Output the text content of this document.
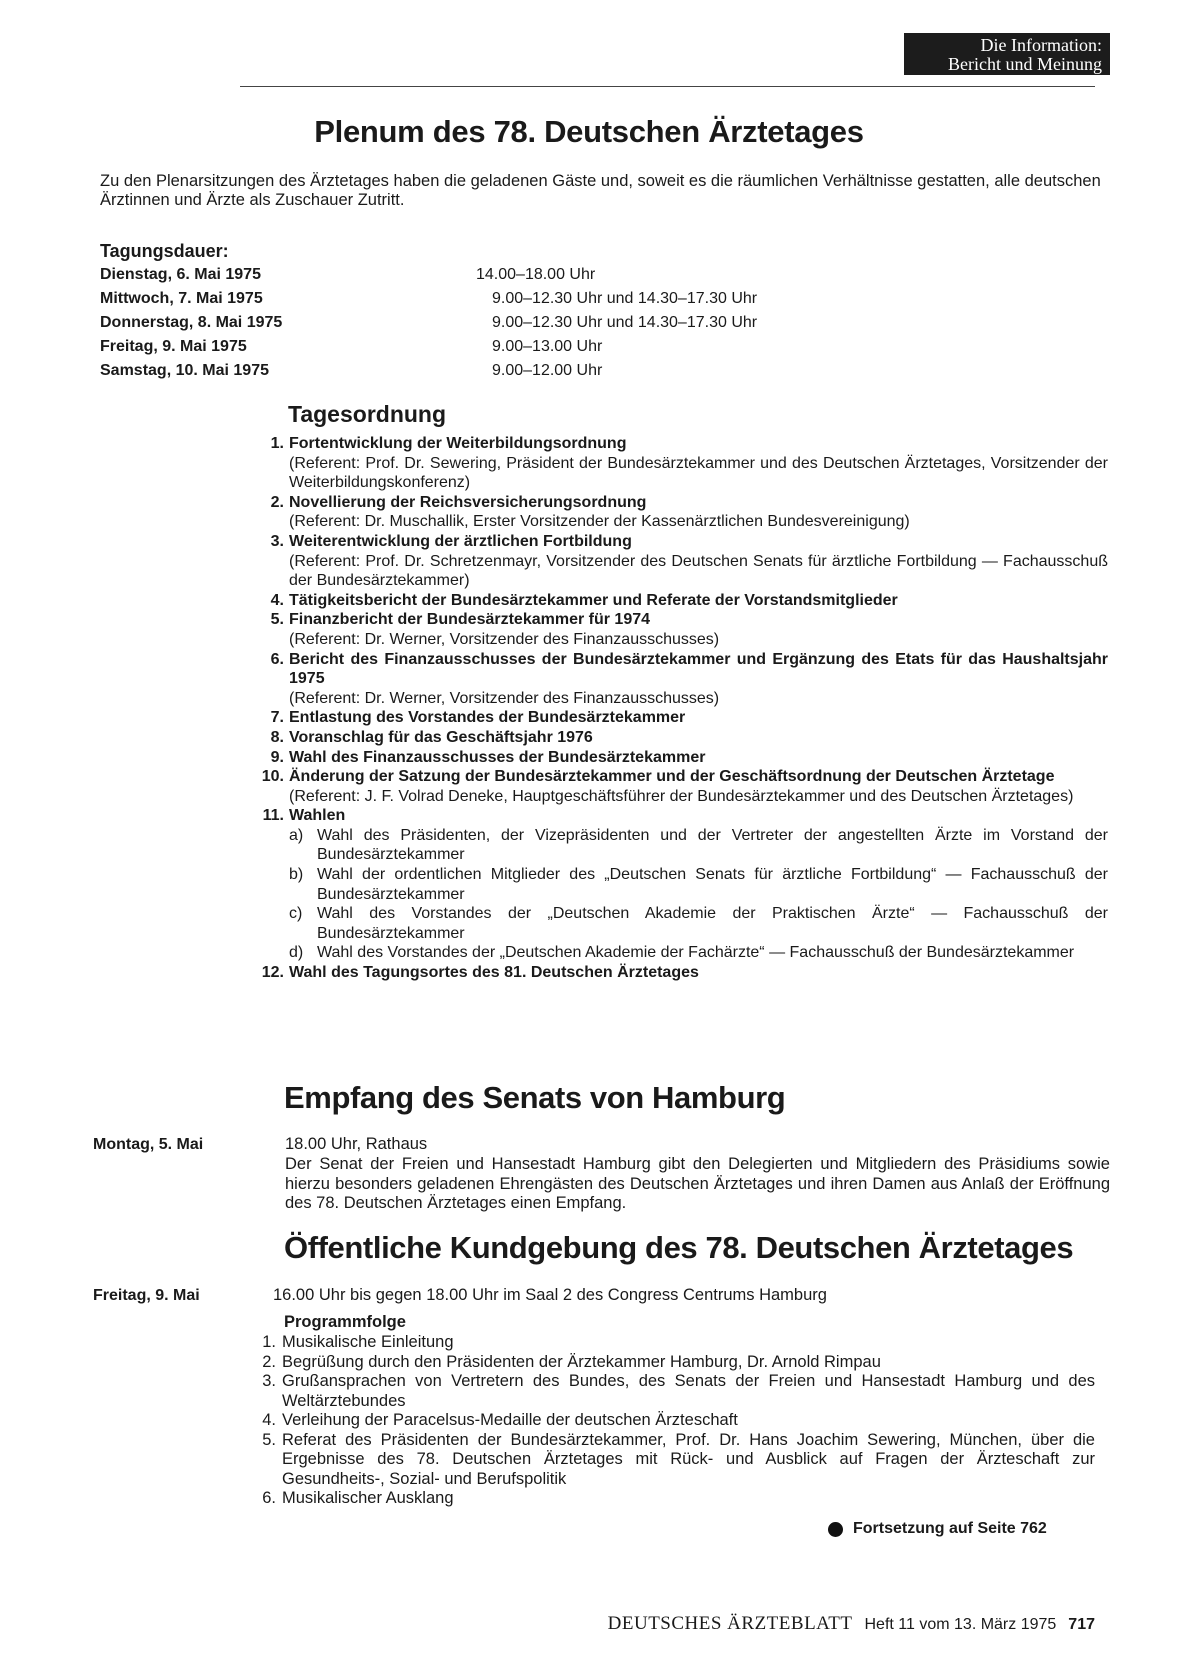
Die Information:
Bericht und Meinung
Plenum des 78. Deutschen Ärztetages

Zu den Plenarsitzungen des Ärztetages haben die geladenen Gäste und, soweit es die räumlichen Verhältnisse gestatten, alle deutschen Ärztinnen und Ärzte als Zuschauer Zutritt.

Tagungsdauer:
Dienstag, 6. Mai 1975	14.00–18.00 Uhr
Mittwoch, 7. Mai 1975	9.00–12.30 Uhr und 14.30–17.30 Uhr
Donnerstag, 8. Mai 1975	9.00–12.30 Uhr und 14.30–17.30 Uhr
Freitag, 9. Mai 1975	9.00–13.00 Uhr
Samstag, 10. Mai 1975	9.00–12.00 Uhr
Tagesordnung
1. Fortentwicklung der Weiterbildungsordnung
(Referent: Prof. Dr. Sewering, Präsident der Bundesärztekammer und des Deutschen Ärztetages, Vorsitzender der Weiterbildungskonferenz)
2. Novellierung der Reichsversicherungsordnung
(Referent: Dr. Muschallik, Erster Vorsitzender der Kassenärztlichen Bundesvereinigung)
3. Weiterentwicklung der ärztlichen Fortbildung
(Referent: Prof. Dr. Schretzenmayr, Vorsitzender des Deutschen Senats für ärztliche Fortbildung — Fachausschuß der Bundesärztekammer)
4. Tätigkeitsbericht der Bundesärztekammer und Referate der Vorstandsmitglieder
5. Finanzbericht der Bundesärztekammer für 1974
(Referent: Dr. Werner, Vorsitzender des Finanzausschusses)
6. Bericht des Finanzausschusses der Bundesärztekammer und Ergänzung des Etats für das Haushaltsjahr 1975
(Referent: Dr. Werner, Vorsitzender des Finanzausschusses)
7. Entlastung des Vorstandes der Bundesärztekammer
8. Voranschlag für das Geschäftsjahr 1976
9. Wahl des Finanzausschusses der Bundesärztekammer
10. Änderung der Satzung der Bundesärztekammer und der Geschäftsordnung der Deutschen Ärztetage
(Referent: J. F. Volrad Deneke, Hauptgeschäftsführer der Bundesärztekammer und des Deutschen Ärztetages)
11. Wahlen
a) Wahl des Präsidenten, der Vizepräsidenten und der Vertreter der angestellten Ärzte im Vorstand der Bundesärztekammer
b) Wahl der ordentlichen Mitglieder des „Deutschen Senats für ärztliche Fortbildung“ — Fachausschuß der Bundesärztekammer
c) Wahl des Vorstandes der „Deutschen Akademie der Praktischen Ärzte“ — Fachausschuß der Bundesärztekammer
d) Wahl des Vorstandes der „Deutschen Akademie der Fachärzte“ — Fachausschuß der Bundesärztekammer
12. Wahl des Tagungsortes des 81. Deutschen Ärztetages
Empfang des Senats von Hamburg
Montag, 5. Mai	18.00 Uhr, Rathaus
Der Senat der Freien und Hansestadt Hamburg gibt den Delegierten und Mitgliedern des Präsidiums sowie hierzu besonders geladenen Ehrengästen des Deutschen Ärztetages und ihren Damen aus Anlaß der Eröffnung des 78. Deutschen Ärztetages einen Empfang.
Öffentliche Kundgebung des 78. Deutschen Ärztetages
Freitag, 9. Mai	16.00 Uhr bis gegen 18.00 Uhr im Saal 2 des Congress Centrums Hamburg
Programmfolge
1. Musikalische Einleitung
2. Begrüßung durch den Präsidenten der Ärztekammer Hamburg, Dr. Arnold Rimpau
3. Grußansprachen von Vertretern des Bundes, des Senats der Freien und Hansestadt Hamburg und des Weltärztebundes
4. Verleihung der Paracelsus-Medaille der deutschen Ärzteschaft
5. Referat des Präsidenten der Bundesärztekammer, Prof. Dr. Hans Joachim Sewering, München, über die Ergebnisse des 78. Deutschen Ärztetages mit Rück- und Ausblick auf Fragen der Ärzteschaft zur Gesundheits-, Sozial- und Berufspolitik
6. Musikalischer Ausklang
Fortsetzung auf Seite 762
DEUTSCHES ÄRZTEBLATT Heft 11 vom 13. März 1975 717
